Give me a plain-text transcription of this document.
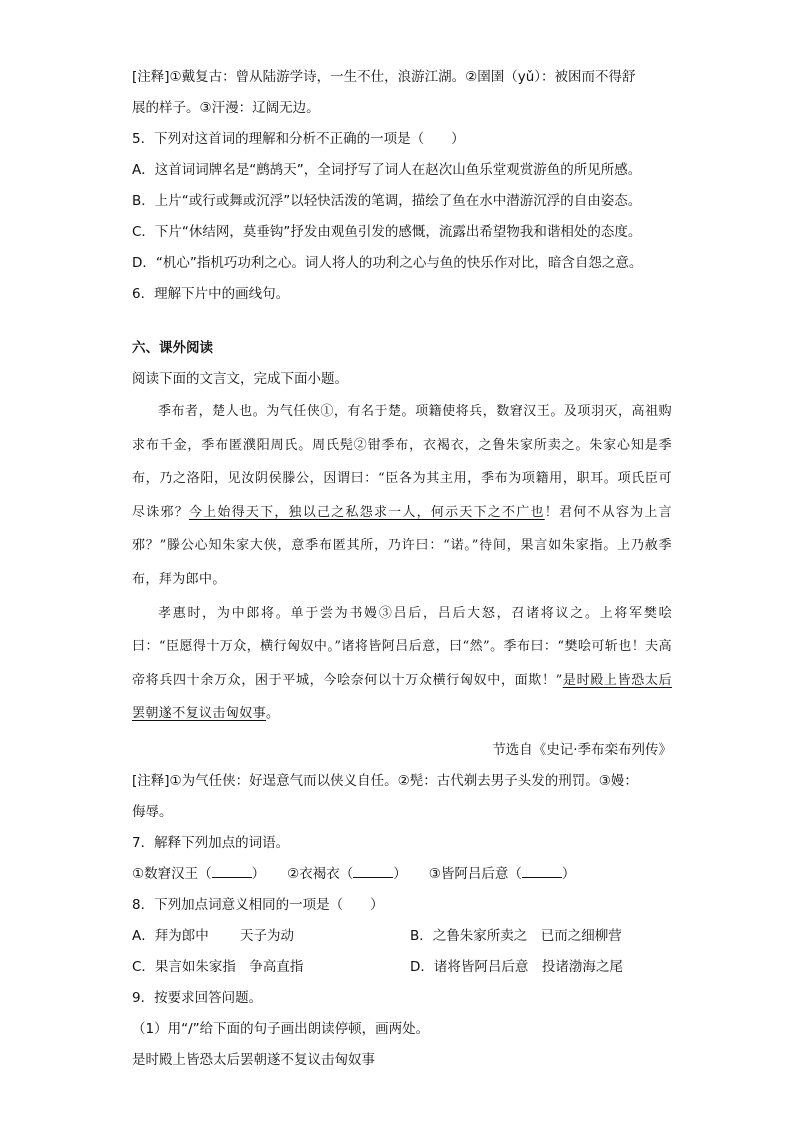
[注释]①戴复古：曾从陆游学诗，一生不仕，浪游江湖。②圉圉（yǔ）：被困而不得舒
展的样子。③汗漫：辽阔无边。
5．下列对这首词的理解和分析不正确的一项是（　　）
A．这首词词牌名是“鹧鸪天”，全词抒写了词人在赵次山鱼乐堂观赏游鱼的所见所感。
B．上片“或行或舞或沉浮”以轻快活泼的笔调，描绘了鱼在水中潜游沉浮的自由姿态。
C．下片“休结网，莫垂钩”抒发由观鱼引发的感慨，流露出希望物我和谐相处的态度。
D．“机心”指机巧功利之心。词人将人的功利之心与鱼的快乐作对比，暗含自怨之意。
6．理解下片中的画线句。
六、课外阅读
阅读下面的文言文，完成下面小题。
季布者，楚人也。为气任侠①，有名于楚。项籍使将兵，数窘汉王。及项羽灭，高祖购求布千金，季布匿濮阳周氏。周氏髡②钳季布，衣褐衣，之鲁朱家所卖之。朱家心知是季布，乃之洛阳，见汝阴侯滕公，因谓曰：“臣各为其主用，季布为项籍用，职耳。项氏臣可尽诛邪？今上始得天下，独以己之私怨求一人，何示天下之不广也！君何不从容为上言邪？”滕公心知朱家大侠，意季布匿其所，乃许曰：“诺。”待间，果言如朱家指。上乃赦季布，拜为郎中。
孝惠时，为中郎将。单于尝为书嫚③吕后，吕后大怒，召诸将议之。上将军樊哙曰：“臣愿得十万众，横行匈奴中。”诸将皆阿吕后意，曰“然”。季布曰：“樊哙可斩也！夫高帝将兵四十余万众，困于平城，今哙奈何以十万众横行匈奴中，面欺！”是时殿上皆恐太后罢朝遂不复议击匈奴事。
节选自《史记·季布栾布列传》
[注释]①为气任侠：好逞意气而以侠义自任。②髡：古代剃去男子头发的刑罚。③嫚：
侮辱。
7．解释下列加点的词语。
①数窘汉王（	） ②衣褐衣（	） ③皆阿吕后意（	）
8．下列加点词意义相同的一项是（　　）
A．拜为郎中　　 天子为动	B．之鲁朱家所卖之　已而之细柳营
C．果言如朱家指　争高直指	D．诸将皆阿吕后意　投诸渤海之尾
9．按要求回答问题。
（1）用“/”给下面的句子画出朗读停顿，画两处。
是时殿上皆恐太后罢朝遂不复议击匈奴事
